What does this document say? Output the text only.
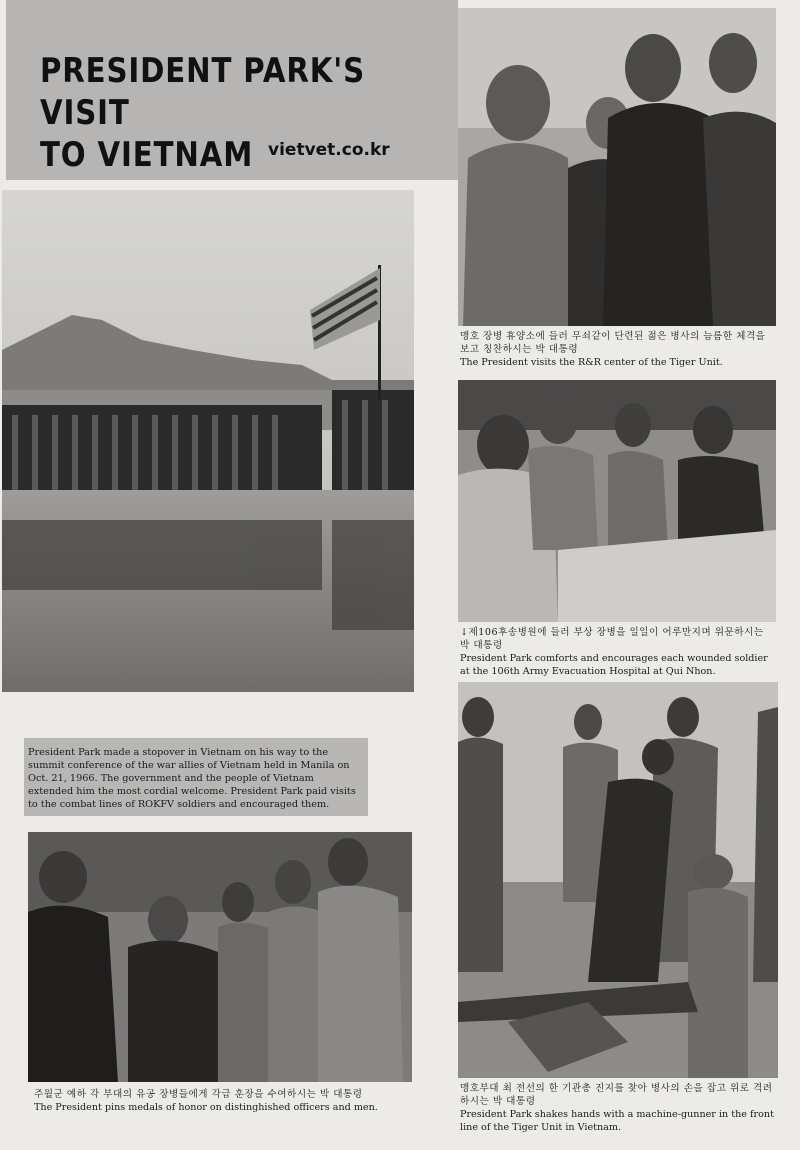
PRESIDENT PARK'S VISIT
TO VIETNAM vietvet.co.kr
맹호 장병 휴양소에 들러 무쇠같이 단련된 젊은 병사의 늠름한 체격을 보고 칭찬하시는 박 대통령
The President visits the R&R center of the Tiger Unit.
↓제106후송병원에 들러 부상 장병을 일일이 어루만지며 위문하시는 박 대통령
President Park comforts and encourages each wounded soldier at the 106th Army Evacuation Hospital at Qui Nhon.
President Park made a stopover in Vietnam on his way to the summit conference of the war allies of Vietnam held in Manila on Oct. 21, 1966. The government and the people of Vietnam extended him the most cordial welcome. President Park paid visits to the combat lines of ROKFV soldiers and encouraged them.
주월군 예하 각 부대의 유공 장병들에게 각급 훈장을 수여하시는 박 대통령
The President pins medals of honor on distinghished officers and men.
맹호부대 최 전선의 한 기관총 진지를 찾아 병사의 손을 잡고 위로 격려하시는 박 대통령
President Park shakes hands with a machine-gunner in the front line of the Tiger Unit in Vietnam.
